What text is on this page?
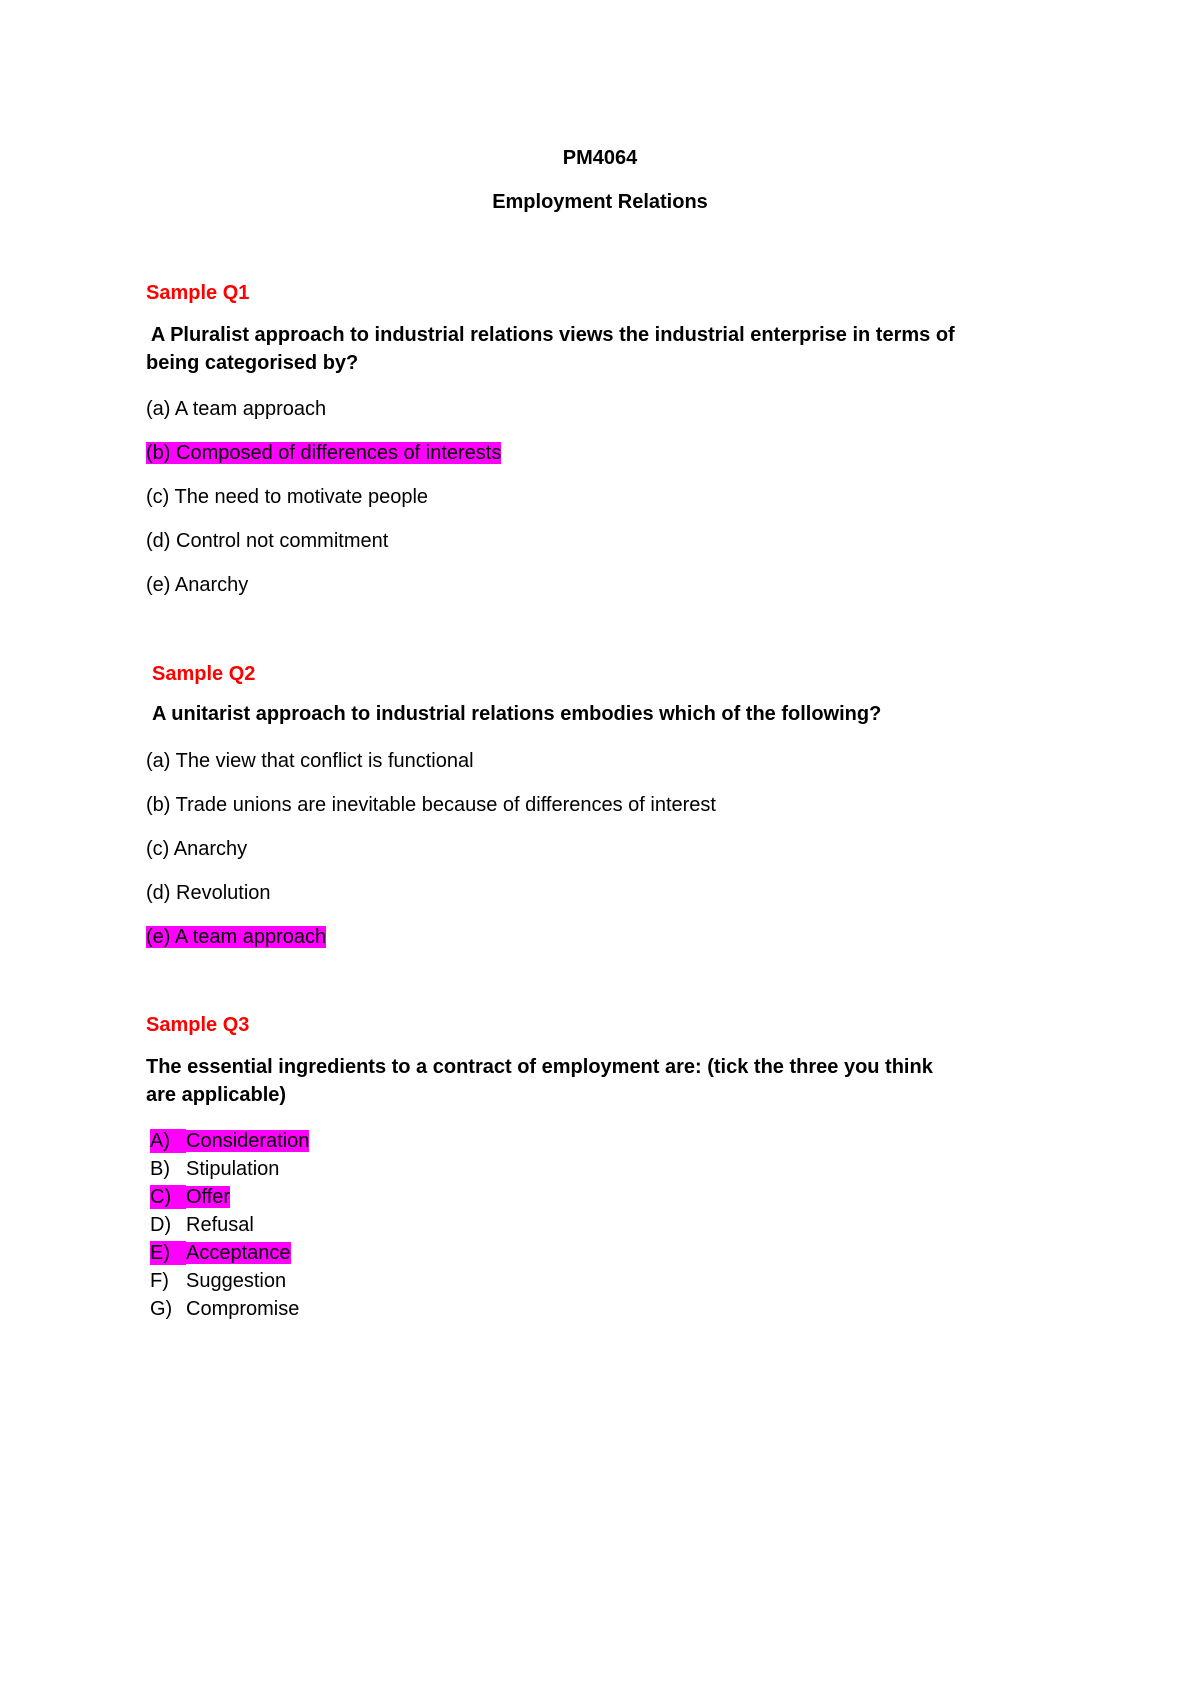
PM4064
Employment Relations
Sample Q1
A Pluralist approach to industrial relations views the industrial enterprise in terms of
being categorised by?
(a) A team approach
(b) Composed of differences of interests
(c) The need to motivate people
(d) Control not commitment
(e) Anarchy
Sample Q2
A unitarist approach to industrial relations embodies which of the following?
(a) The view that conflict is functional
(b) Trade unions are inevitable because of differences of interest
(c) Anarchy
(d) Revolution
(e) A team approach
Sample Q3
The essential ingredients to a contract of employment are: (tick the three you think
are applicable)
A) Consideration
B) Stipulation
C) Offer
D) Refusal
E) Acceptance
F) Suggestion
G) Compromise
